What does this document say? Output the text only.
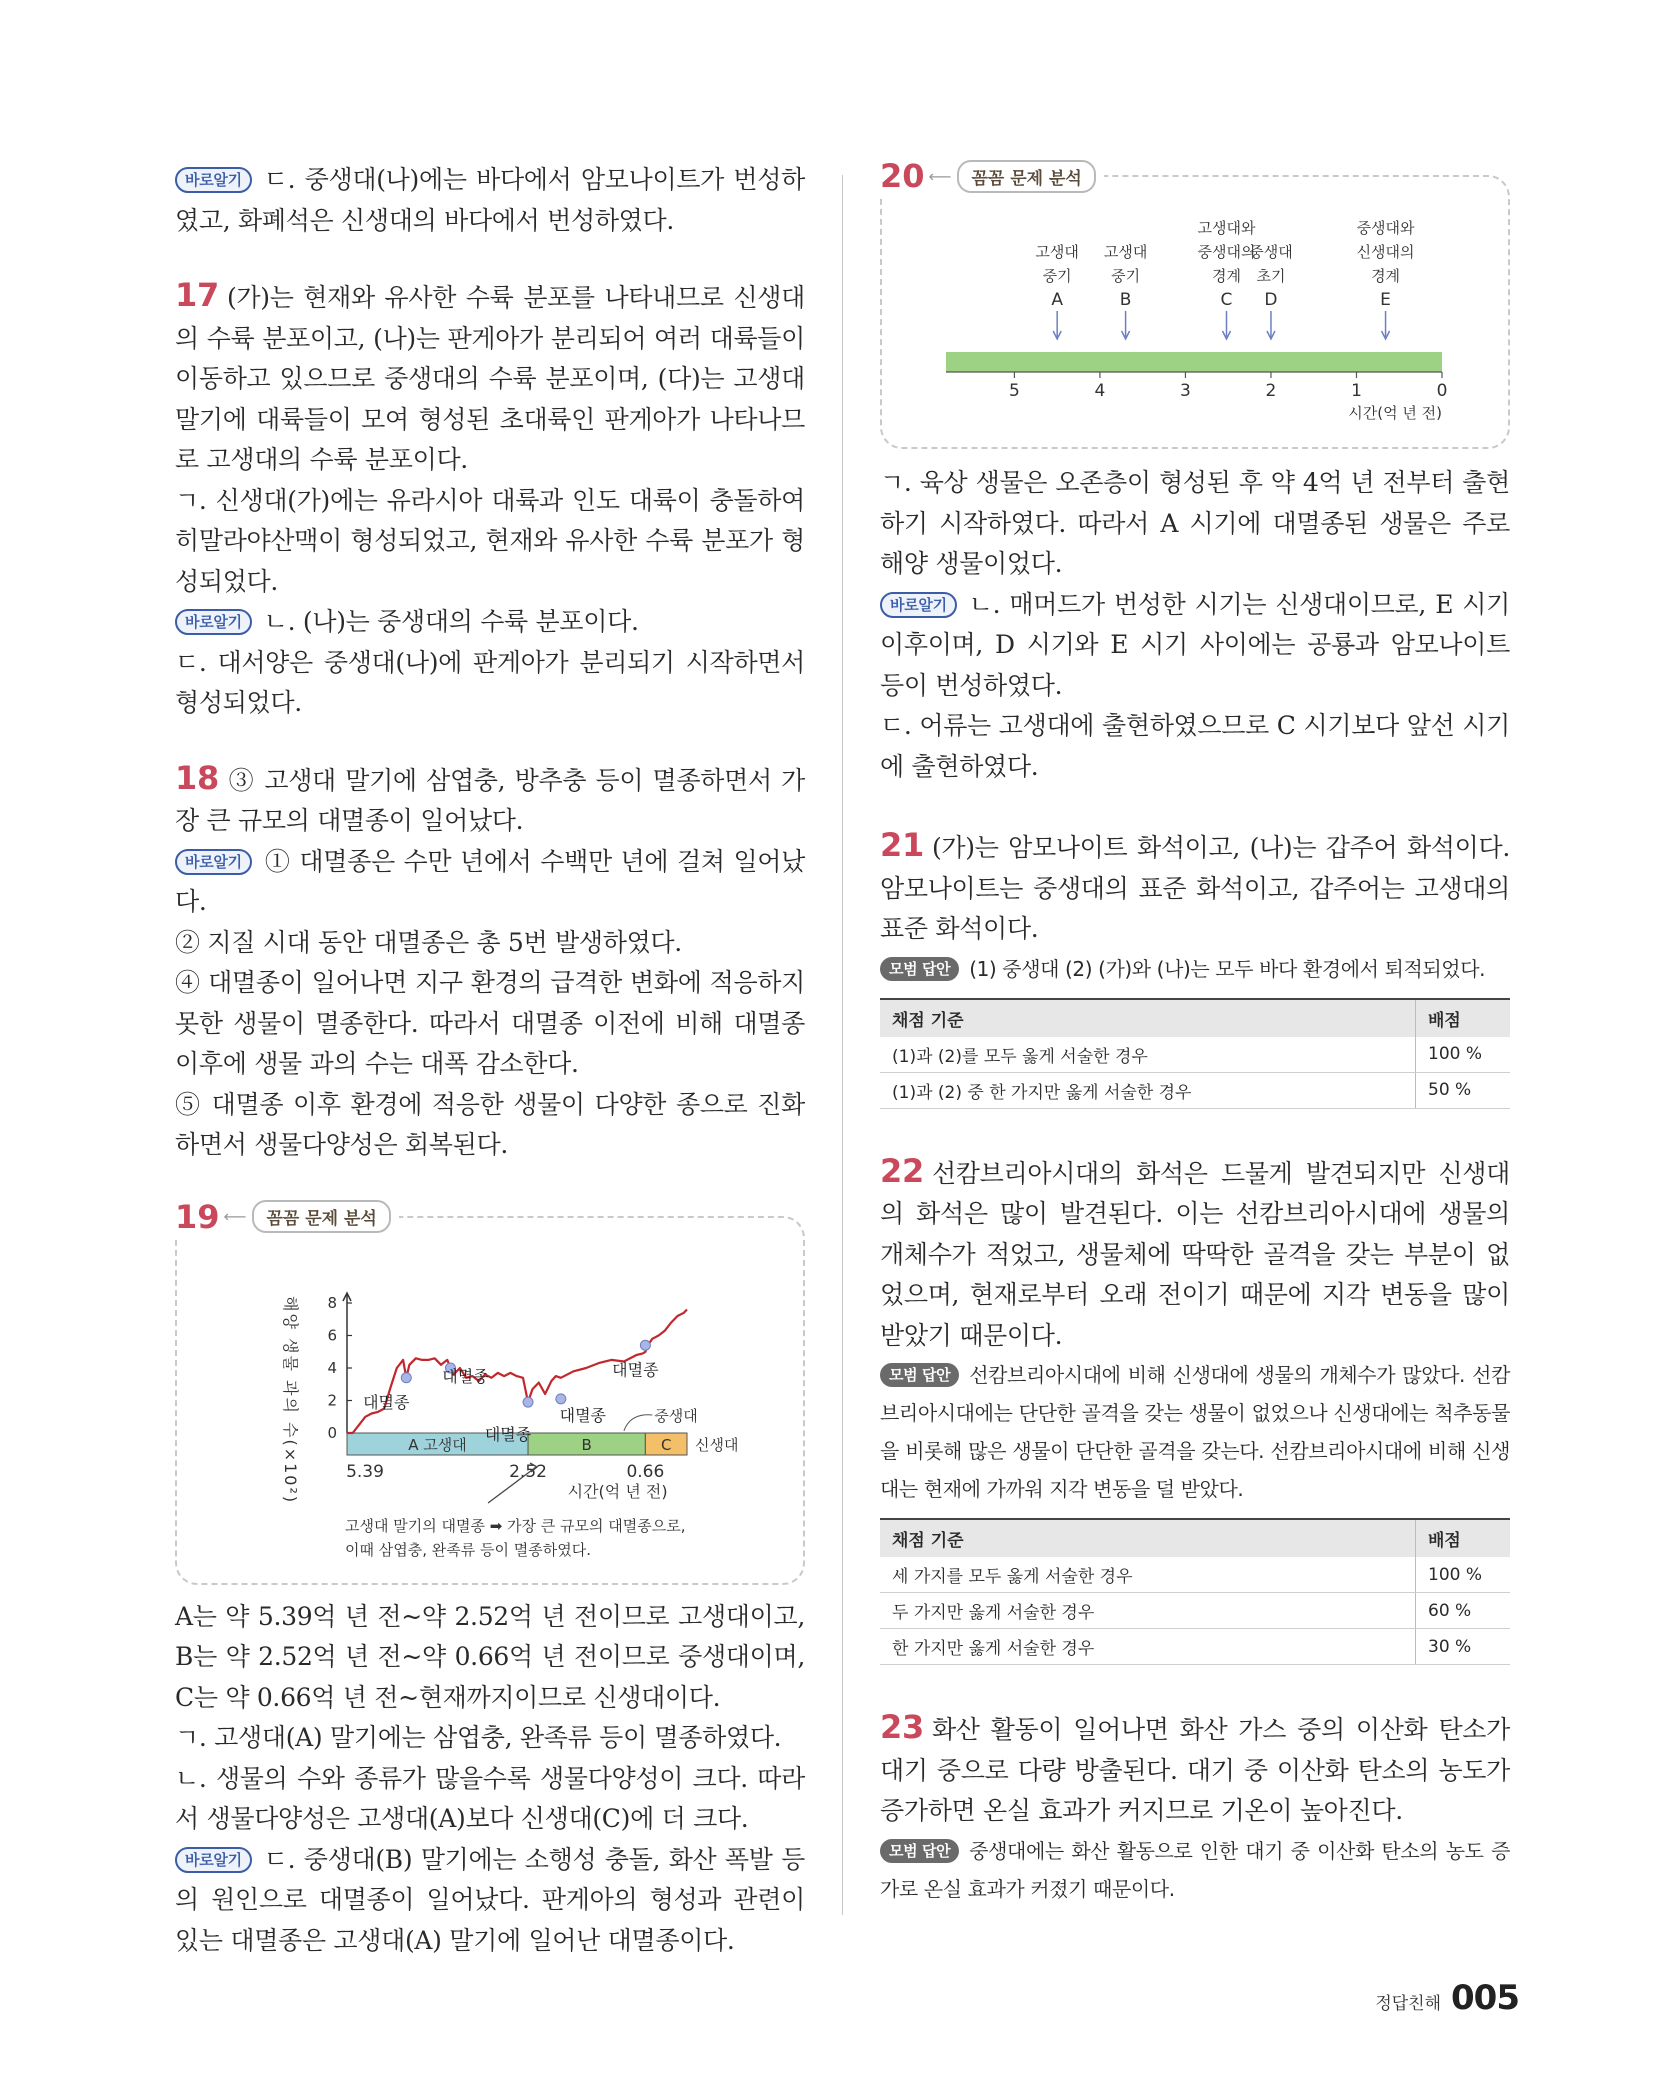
바로알기 ㄷ. 중생대(나)에는 바다에서 암모나이트가 번성하였고, 화폐석은 신생대의 바다에서 번성하였다.

17 (가)는 현재와 유사한 수륙 분포를 나타내므로 신생대의 수륙 분포이고, (나)는 판게아가 분리되어 여러 대륙들이 이동하고 있으므로 중생대의 수륙 분포이며, (다)는 고생대 말기에 대륙들이 모여 형성된 초대륙인 판게아가 나타나므로 고생대의 수륙 분포이다.

ㄱ. 신생대(가)에는 유라시아 대륙과 인도 대륙이 충돌하여 히말라야산맥이 형성되었고, 현재와 유사한 수륙 분포가 형성되었다.

바로알기 ㄴ. (나)는 중생대의 수륙 분포이다.

ㄷ. 대서양은 중생대(나)에 판게아가 분리되기 시작하면서 형성되었다.

18 ③ 고생대 말기에 삼엽충, 방추충 등이 멸종하면서 가장 큰 규모의 대멸종이 일어났다.

바로알기 ① 대멸종은 수만 년에서 수백만 년에 걸쳐 일어났다.

② 지질 시대 동안 대멸종은 총 5번 발생하였다.

④ 대멸종이 일어나면 지구 환경의 급격한 변화에 적응하지 못한 생물이 멸종한다. 따라서 대멸종 이전에 비해 대멸종 이후에 생물 과의 수는 대폭 감소한다.

⑤ 대멸종 이후 환경에 적응한 생물이 다양한 종으로 진화하면서 생물다양성은 회복된다.

19 ⟵	꼼꼼 문제 분석
해양 생물 과의 수(×10²) 0
2
4
6
8
A 고생대	B	C 신생대
중생대
5.39	2.52	0.66
시간(억 년 전)
대멸종
대멸종
대멸종
대멸종
대멸종
고생대 말기의 대멸종 ➡ 가장 큰 규모의 대멸종으로,
이때 삼엽충, 완족류 등이 멸종하였다.

A는 약 5.39억 년 전~약 2.52억 년 전이므로 고생대이고, B는 약 2.52억 년 전~약 0.66억 년 전이므로 중생대이며, C는 약 0.66억 년 전~현재까지이므로 신생대이다.

ㄱ. 고생대(A) 말기에는 삼엽충, 완족류 등이 멸종하였다.

ㄴ. 생물의 수와 종류가 많을수록 생물다양성이 크다. 따라서 생물다양성은 고생대(A)보다 신생대(C)에 더 크다.

바로알기 ㄷ. 중생대(B) 말기에는 소행성 충돌, 화산 폭발 등의 원인으로 대멸종이 일어났다. 판게아의 형성과 관련이 있는 대멸종은 고생대(A) 말기에 일어난 대멸종이다.

20 ⟵	꼼꼼 문제 분석
5	4	3	2	1	0
시간(억 년 전)
고생대
중기
A
고생대
중기
B
고생대와
중생대의
경계
C
중생대
초기
D
중생대와
신생대의
경계
E

ㄱ. 육상 생물은 오존층이 형성된 후 약 4억 년 전부터 출현하기 시작하였다. 따라서 A 시기에 대멸종된 생물은 주로 해양 생물이었다.

바로알기 ㄴ. 매머드가 번성한 시기는 신생대이므로, E 시기 이후이며, D 시기와 E 시기 사이에는 공룡과 암모나이트 등이 번성하였다.

ㄷ. 어류는 고생대에 출현하였으므로 C 시기보다 앞선 시기에 출현하였다.

21 (가)는 암모나이트 화석이고, (나)는 갑주어 화석이다. 암모나이트는 중생대의 표준 화석이고, 갑주어는 고생대의 표준 화석이다.

모범 답안 (1) 중생대 (2) (가)와 (나)는 모두 바다 환경에서 퇴적되었다.

채점 기준	배점
(1)과 (2)를 모두 옳게 서술한 경우	100 %
(1)과 (2) 중 한 가지만 옳게 서술한 경우	50 %

22 선캄브리아시대의 화석은 드물게 발견되지만 신생대의 화석은 많이 발견된다. 이는 선캄브리아시대에 생물의 개체수가 적었고, 생물체에 딱딱한 골격을 갖는 부분이 없었으며, 현재로부터 오래 전이기 때문에 지각 변동을 많이 받았기 때문이다.

모범 답안 선캄브리아시대에 비해 신생대에 생물의 개체수가 많았다. 선캄브리아시대에는 단단한 골격을 갖는 생물이 없었으나 신생대에는 척추동물을 비롯해 많은 생물이 단단한 골격을 갖는다. 선캄브리아시대에 비해 신생대는 현재에 가까워 지각 변동을 덜 받았다.

채점 기준	배점
세 가지를 모두 옳게 서술한 경우	100 %
두 가지만 옳게 서술한 경우	60 %
한 가지만 옳게 서술한 경우	30 %

23 화산 활동이 일어나면 화산 가스 중의 이산화 탄소가 대기 중으로 다량 방출된다. 대기 중 이산화 탄소의 농도가 증가하면 온실 효과가 커지므로 기온이 높아진다.

모범 답안 중생대에는 화산 활동으로 인한 대기 중 이산화 탄소의 농도 증가로 온실 효과가 커졌기 때문이다.

정답친해 005
